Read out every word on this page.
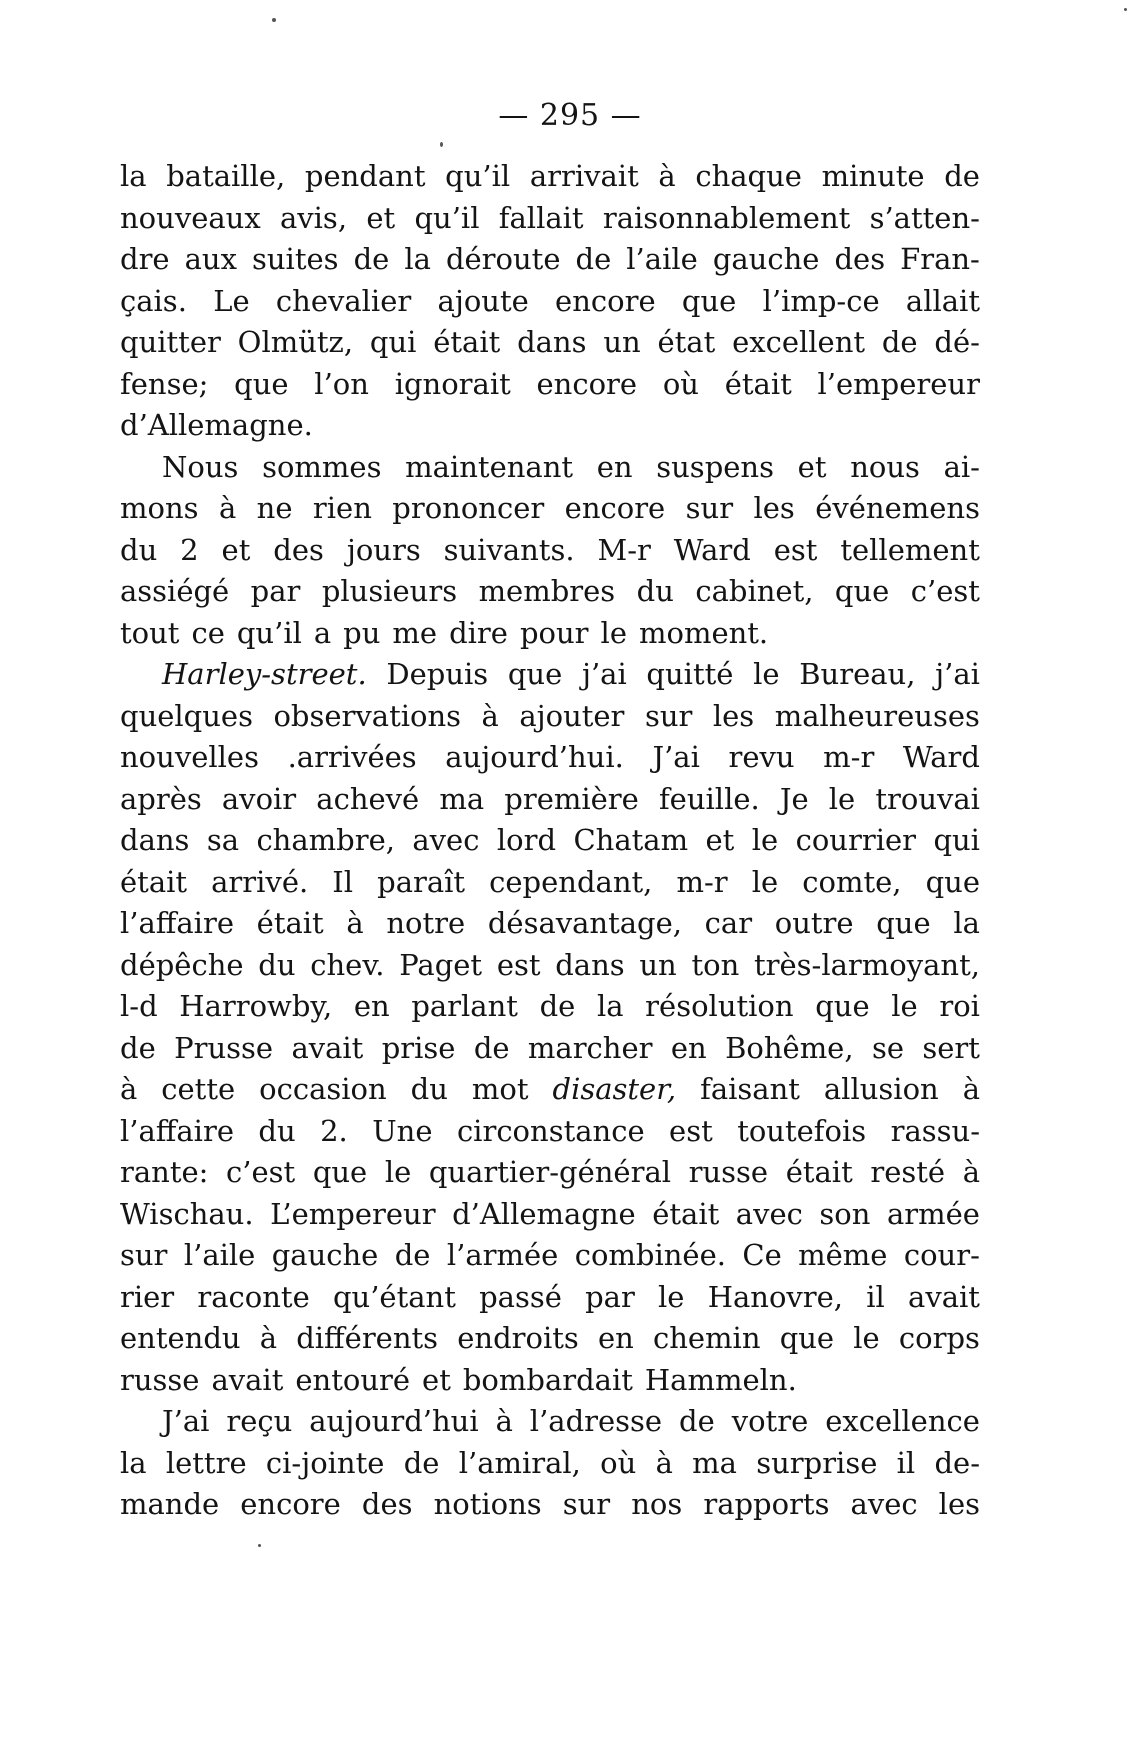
— 295 —
la bataille, pendant qu’il arrivait à chaque minute de
nouveaux avis, et qu’il fallait raisonnablement s’atten-
dre aux suites de la déroute de l’aile gauche des Fran-
çais. Le chevalier ajoute encore que l’imp-ce allait
quitter Olmütz, qui était dans un état excellent de dé-
fense; que l’on ignorait encore où était l’empereur
d’Allemagne.
Nous sommes maintenant en suspens et nous ai-
mons à ne rien prononcer encore sur les événemens
du 2 et des jours suivants. M-r Ward est tellement
assiégé par plusieurs membres du cabinet, que c’est
tout ce qu’il a pu me dire pour le moment.
Harley-street. Depuis que j’ai quitté le Bureau, j’ai
quelques observations à ajouter sur les malheureuses
nouvelles .arrivées aujourd’hui. J’ai revu m-r Ward
après avoir achevé ma première feuille. Je le trouvai
dans sa chambre, avec lord Chatam et le courrier qui
était arrivé. Il paraît cependant, m-r le comte, que
l’affaire était à notre désavantage, car outre que la
dépêche du chev. Paget est dans un ton très-larmoyant,
l-d Harrowby, en parlant de la résolution que le roi
de Prusse avait prise de marcher en Bohême, se sert
à cette occasion du mot disaster, faisant allusion à
l’affaire du 2. Une circonstance est toutefois rassu-
rante: c’est que le quartier-général russe était resté à
Wischau. L’empereur d’Allemagne était avec son armée
sur l’aile gauche de l’armée combinée. Ce même cour-
rier raconte qu’étant passé par le Hanovre, il avait
entendu à différents endroits en chemin que le corps
russe avait entouré et bombardait Hammeln.
J’ai reçu aujourd’hui à l’adresse de votre excellence
la lettre ci-jointe de l’amiral, où à ma surprise il de-
mande encore des notions sur nos rapports avec les
